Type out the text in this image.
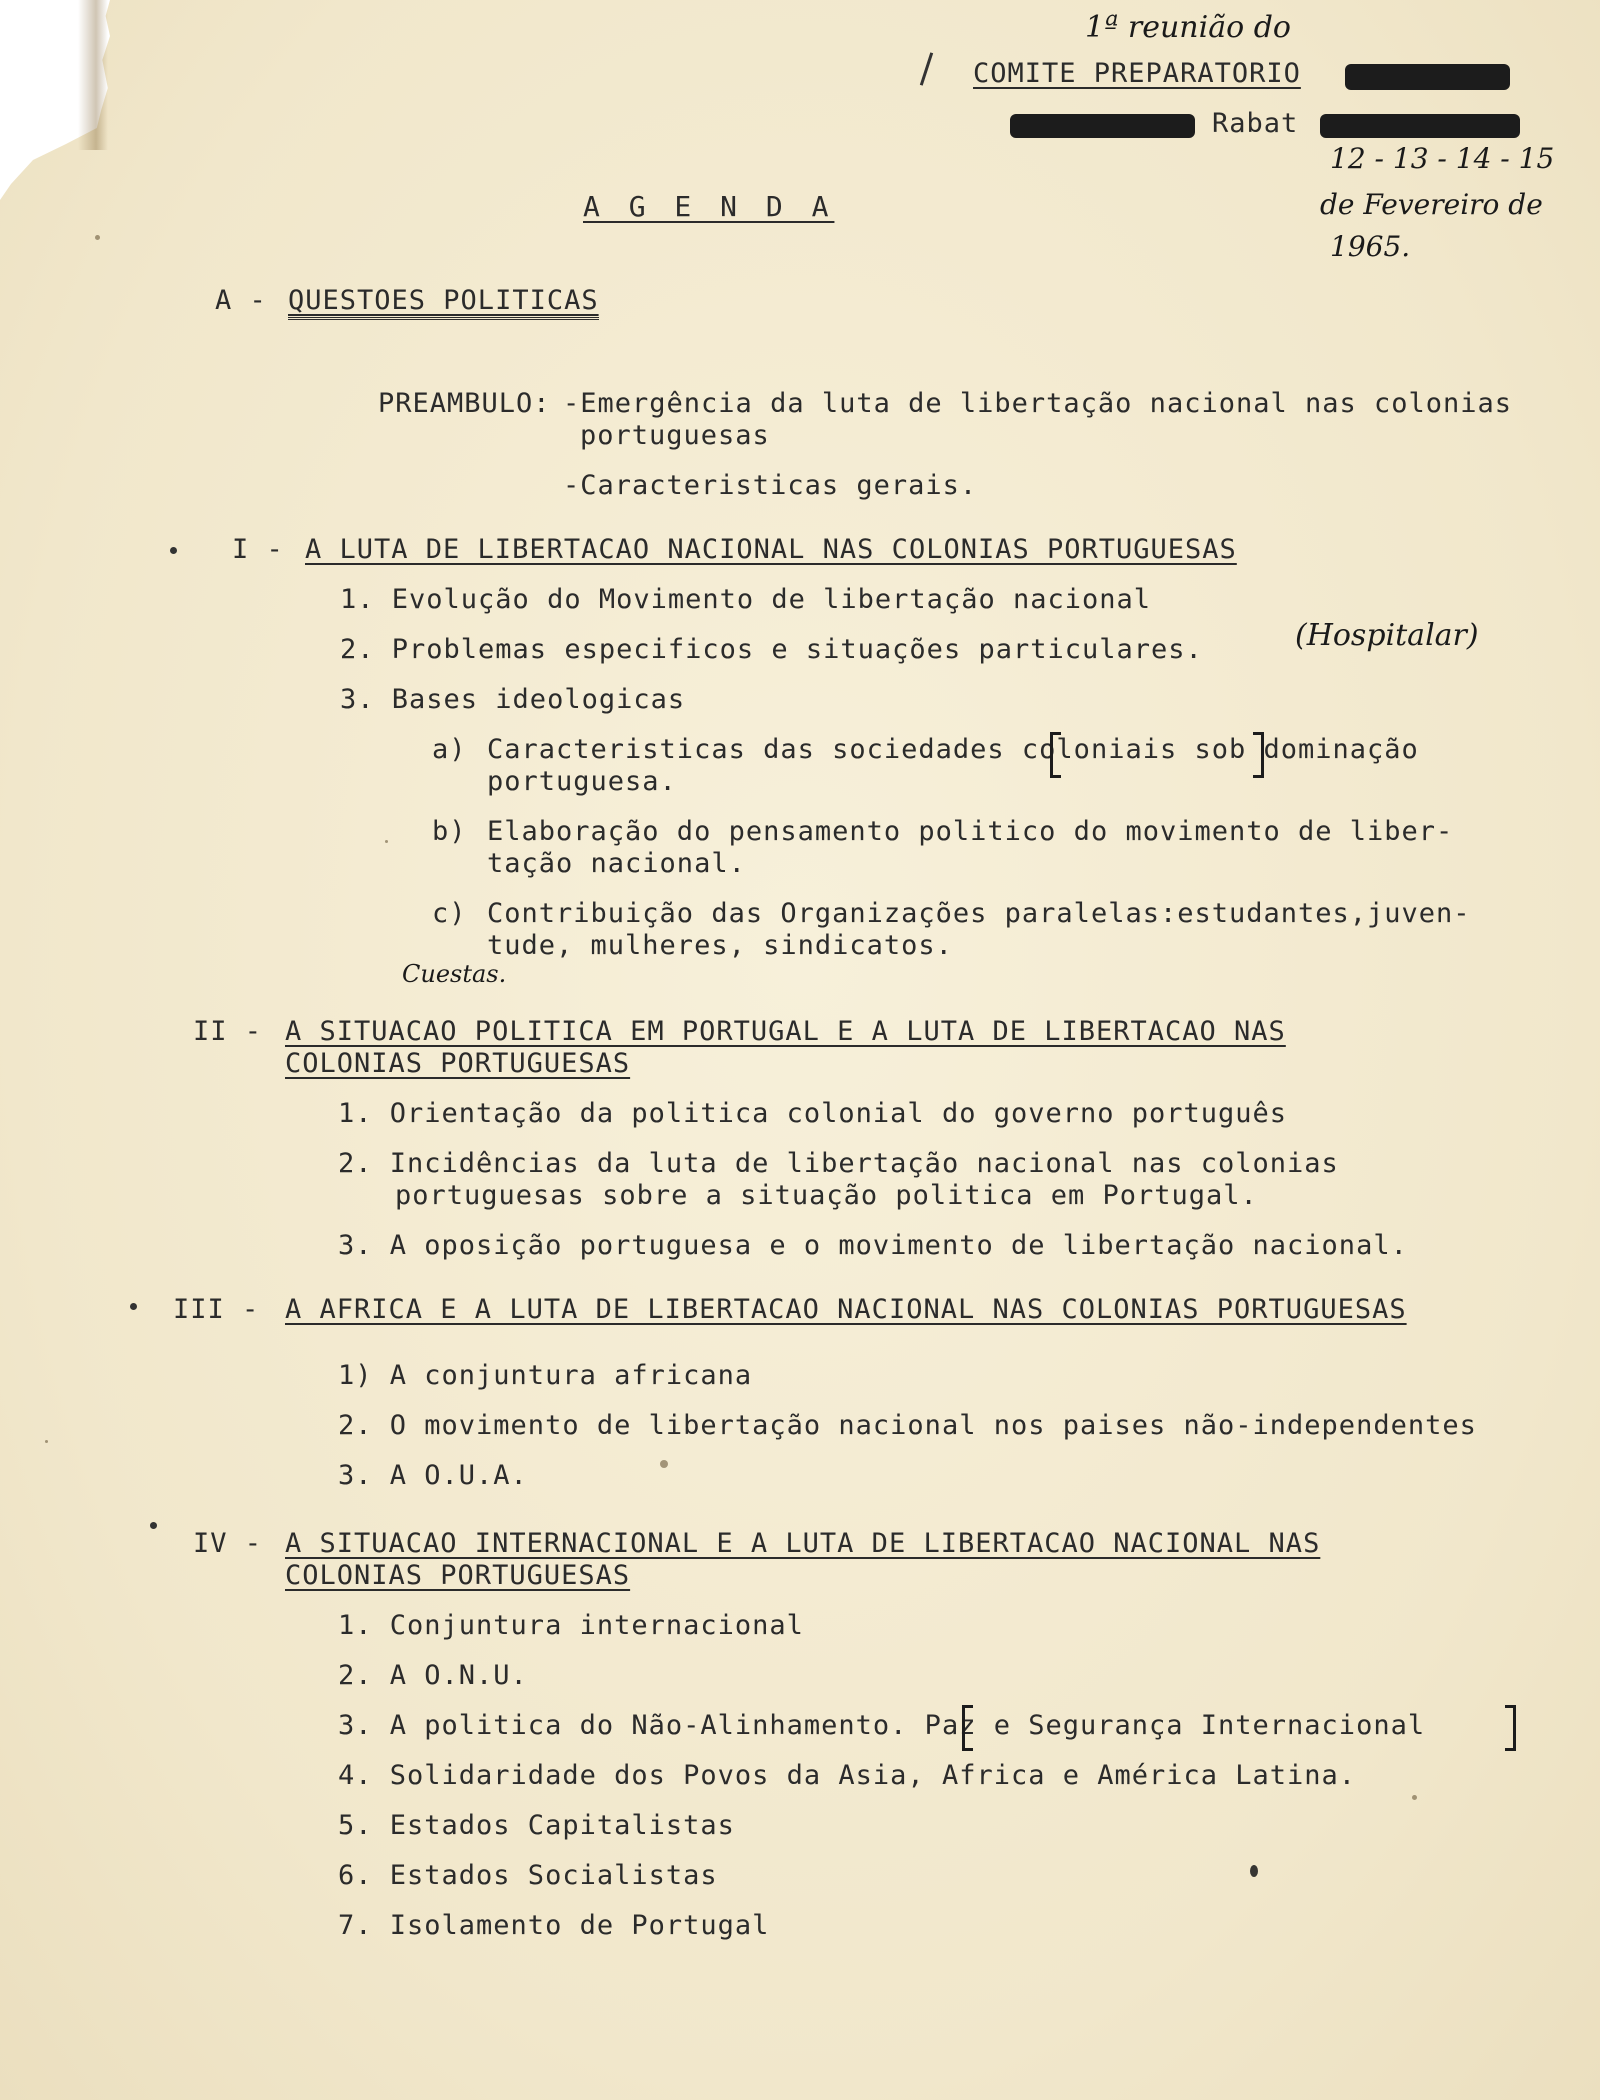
1ª reunião do
COMITE PREPARATORIO
Rabat
12 - 13 - 14 - 15
de Fevereiro de
1965.
A G E N D A
A - QUESTOES POLITICAS
PREAMBULO: -Emergência da luta de libertação nacional nas colonias
portuguesas
-Caracteristicas gerais.
I - A LUTA DE LIBERTACAO NACIONAL NAS COLONIAS PORTUGUESAS
1. Evolução do Movimento de libertação nacional
2. Problemas especificos e situações particulares.	(Hospitalar)
3. Bases ideologicas
a) Caracteristicas das sociedades coloniais sob dominação
portuguesa.
b) Elaboração do pensamento politico do movimento de liber-
tação nacional.
c) Contribuição das Organizações paralelas:estudantes,juven-
tude, mulheres, sindicatos.
Cuestas.
II - A SITUACAO POLITICA EM PORTUGAL E A LUTA DE LIBERTACAO NAS
COLONIAS PORTUGUESAS
1. Orientação da politica colonial do governo português
2. Incidências da luta de libertação nacional nas colonias
portuguesas sobre a situação politica em Portugal.
3. A oposição portuguesa e o movimento de libertação nacional.
III - A AFRICA E A LUTA DE LIBERTACAO NACIONAL NAS COLONIAS PORTUGUESAS
1) A conjuntura africana
2. O movimento de libertação nacional nos paises não-independentes
3. A O.U.A.
IV - A SITUACAO INTERNACIONAL E A LUTA DE LIBERTACAO NACIONAL NAS
COLONIAS PORTUGUESAS
1. Conjuntura internacional
2. A O.N.U.
3. A politica do Não-Alinhamento. Paz e Segurança Internacional
4. Solidaridade dos Povos da Asia, Africa e América Latina.
5. Estados Capitalistas
6. Estados Socialistas
7. Isolamento de Portugal
